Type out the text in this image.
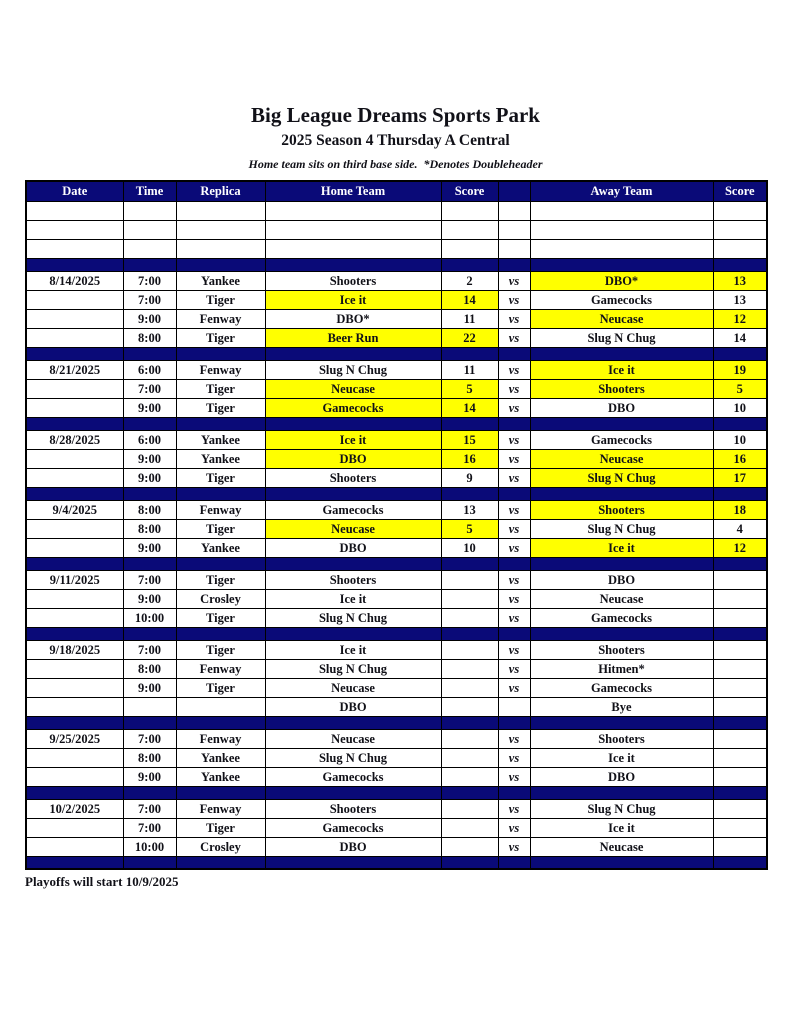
Big League Dreams Sports Park
2025 Season 4 Thursday A Central

Home team sits on third base side.  *Denotes Doubleheader

Date	Time	Replica	Home Team	Score		Away Team	Score

8/14/2025	7:00	Yankee	Shooters	2	vs	DBO*	13
	7:00	Tiger	Ice it	14	vs	Gamecocks	13
	9:00	Fenway	DBO*	11	vs	Neucase	12
	8:00	Tiger	Beer Run	22	vs	Slug N Chug	14

8/21/2025	6:00	Fenway	Slug N Chug	11	vs	Ice it	19
	7:00	Tiger	Neucase	5	vs	Shooters	5
	9:00	Tiger	Gamecocks	14	vs	DBO	10

8/28/2025	6:00	Yankee	Ice it	15	vs	Gamecocks	10
	9:00	Yankee	DBO	16	vs	Neucase	16
	9:00	Tiger	Shooters	9	vs	Slug N Chug	17

9/4/2025	8:00	Fenway	Gamecocks	13	vs	Shooters	18
	8:00	Tiger	Neucase	5	vs	Slug N Chug	4
	9:00	Yankee	DBO	10	vs	Ice it	12

9/11/2025	7:00	Tiger	Shooters		vs	DBO	
	9:00	Crosley	Ice it		vs	Neucase	
	10:00	Tiger	Slug N Chug		vs	Gamecocks	

9/18/2025	7:00	Tiger	Ice it		vs	Shooters	
	8:00	Fenway	Slug N Chug		vs	Hitmen*	
	9:00	Tiger	Neucase		vs	Gamecocks	
			DBO			Bye	

9/25/2025	7:00	Fenway	Neucase		vs	Shooters	
	8:00	Yankee	Slug N Chug		vs	Ice it	
	9:00	Yankee	Gamecocks		vs	DBO	

10/2/2025	7:00	Fenway	Shooters		vs	Slug N Chug	
	7:00	Tiger	Gamecocks		vs	Ice it	
	10:00	Crosley	DBO		vs	Neucase	

Playoffs will start 10/9/2025
